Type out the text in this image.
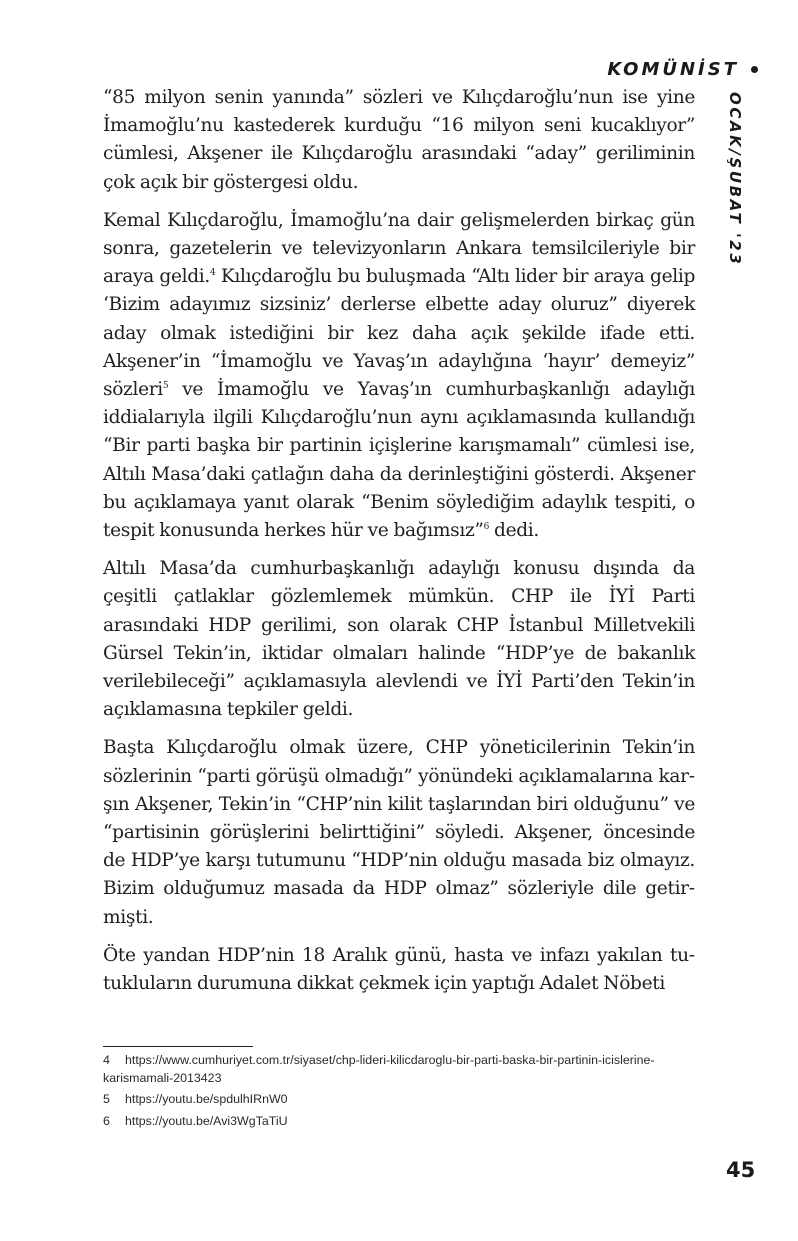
KOMÜNİST
OCAK/ŞUBAT '23

“85 milyon senin yanında” sözleri ve Kılıçdaroğlu’nun ise yine İmamoğlu’nu kastederek kurduğu “16 milyon seni kucaklıyor” cümlesi, Akşener ile Kılıçdaroğlu arasındaki “aday” geriliminin çok açık bir göstergesi oldu.

Kemal Kılıçdaroğlu, İmamoğlu’na dair gelişmelerden birkaç gün sonra, gazetelerin ve televizyonların Ankara temsilcileriyle bir araya geldi.$^4$ Kılıçdaroğlu bu buluşmada “Altı lider bir araya gelip ‘Bizim adayımız sizsiniz’ derlerse elbette aday oluruz” diyerek aday olmak istediğini bir kez daha açık şekilde ifade etti. Akşener’in “İmamoğlu ve Yavaş’ın adaylığına ‘hayır’ demeyiz” sözleri$^5$ ve İmamoğlu ve Yavaş’ın cumhurbaşkanlığı adaylığı iddialarıyla ilgili Kılıçdaroğlu’nun aynı açıklamasında kullandığı “Bir parti başka bir partinin içişlerine karışmamalı” cümlesi ise, Altılı Masa’daki çatlağın daha da derinleştiğini gösterdi. Akşener bu açıklamaya yanıt olarak “Benim söylediğim adaylık tespiti, o tespit konusunda herkes hür ve bağımsız”$^6$ dedi.

Altılı Masa’da cumhurbaşkanlığı adaylığı konusu dışında da çeşitli çatlaklar gözlemlemek mümkün. CHP ile İYİ Parti arasındaki HDP gerilimi, son olarak CHP İstanbul Milletvekili Gürsel Tekin’in, iktidar olmaları halinde “HDP’ye de bakanlık verilebileceği” açıklamasıyla alevlendi ve İYİ Parti’den Tekin’in açıklamasına tepkiler geldi.

Başta Kılıçdaroğlu olmak üzere, CHP yöneticilerinin Tekin’in sözlerinin “parti görüşü olmadığı” yönündeki açıklamalarına karşın Akşener, Tekin’in “CHP’nin kilit taşlarından biri olduğunu” ve “partisinin görüşlerini belirttiğini” söyledi. Akşener, öncesinde de HDP’ye karşı tutumunu “HDP’nin olduğu masada biz olmayız. Bizim olduğumuz masada da HDP olmaz” sözleriyle dile getirmişti.

Öte yandan HDP’nin 18 Aralık günü, hasta ve infazı yakılan tutukluların durumuna dikkat çekmek için yaptığı Adalet Nöbeti

4 https://www.cumhuriyet.com.tr/siyaset/chp-lideri-kilicdaroglu-bir-parti-baska-bir-partinin-icislerine-karismamali-2013423
5 https://youtu.be/spdulhIRnW0
6 https://youtu.be/Avi3WgTaTiU
45
